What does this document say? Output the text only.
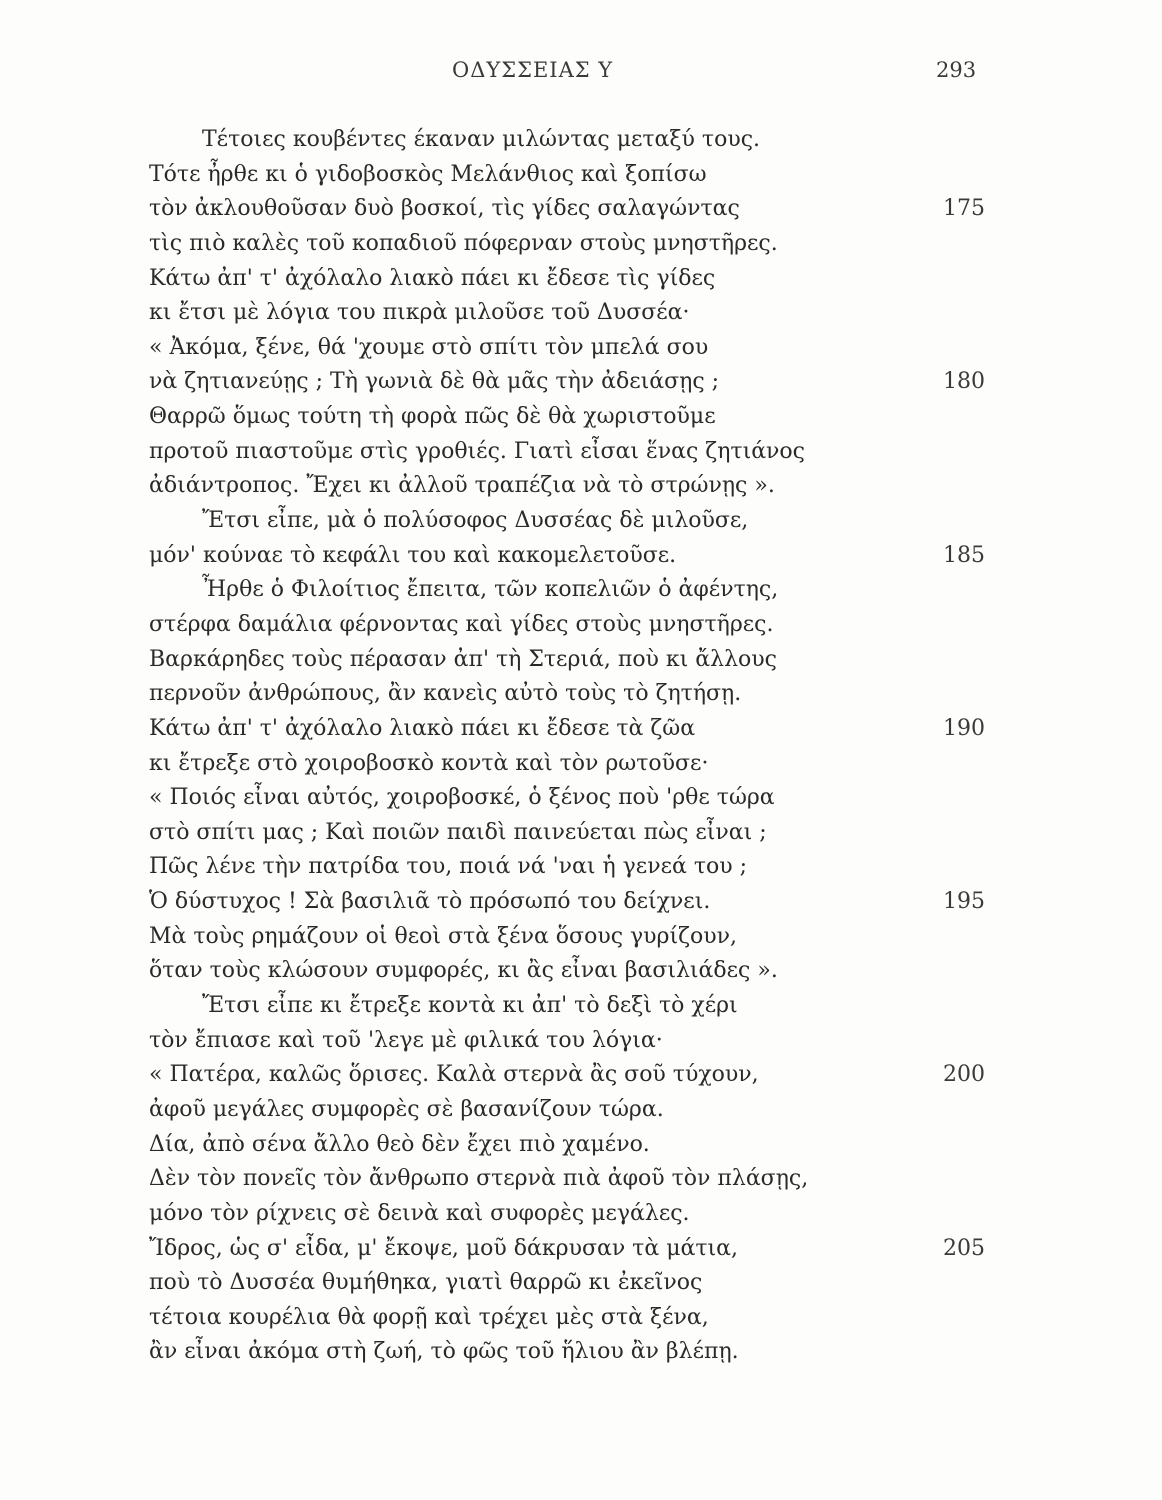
ΟΔΥΣΣΕΙΑΣ Υ	293
Τέτοιες κουβέντες έκαναν μιλώντας μεταξύ τους.
Τότε ἦρθε κι ὁ γιδοβοσκὸς Μελάνθιος καὶ ξοπίσω
τὸν ἀκλουθοῦσαν δυὸ βοσκοί, τὶς γίδες σαλαγώντας	175
τὶς πιὸ καλὲς τοῦ κοπαδιοῦ πόφερναν στοὺς μνηστῆρες.
Κάτω ἀπ' τ' ἀχόλαλο λιακὸ πάει κι ἔδεσε τὶς γίδες
κι ἔτσι μὲ λόγια του πικρὰ μιλοῦσε τοῦ Δυσσέα·
« Ἀκόμα, ξένε, θά 'χουμε στὸ σπίτι τὸν μπελά σου
νὰ ζητιανεύῃς ; Τὴ γωνιὰ δὲ θὰ μᾶς τὴν ἀδειάσῃς ;	180
Θαρρῶ ὅμως τούτη τὴ φορὰ πῶς δὲ θὰ χωριστοῦμε
προτοῦ πιαστοῦμε στὶς γροθιές. Γιατὶ εἶσαι ἕνας ζητιάνος
ἀδιάντροπος. Ἔχει κι ἀλλοῦ τραπέζια νὰ τὸ στρώνῃς ».
Ἔτσι εἶπε, μὰ ὁ πολύσοφος Δυσσέας δὲ μιλοῦσε,
μόν' κούναε τὸ κεφάλι του καὶ κακομελετοῦσε.	185
Ἦρθε ὁ Φιλοίτιος ἔπειτα, τῶν κοπελιῶν ὁ ἀφέντης,
στέρφα δαμάλια φέρνοντας καὶ γίδες στοὺς μνηστῆρες.
Βαρκάρηδες τοὺς πέρασαν ἀπ' τὴ Στεριά, ποὺ κι ἄλλους
περνοῦν ἀνθρώπους, ἂν κανεὶς αὐτὸ τοὺς τὸ ζητήσῃ.
Κάτω ἀπ' τ' ἀχόλαλο λιακὸ πάει κι ἔδεσε τὰ ζῶα	190
κι ἔτρεξε στὸ χοιροβοσκὸ κοντὰ καὶ τὸν ρωτοῦσε·
« Ποιός εἶναι αὐτός, χοιροβοσκέ, ὁ ξένος ποὺ 'ρθε τώρα
στὸ σπίτι μας ; Καὶ ποιῶν παιδὶ παινεύεται πὼς εἶναι ;
Πῶς λένε τὴν πατρίδα του, ποιά νά 'ναι ἡ γενεά του ;
Ὁ δύστυχος ! Σὰ βασιλιᾶ τὸ πρόσωπό του δείχνει.	195
Μὰ τοὺς ρημάζουν οἱ θεοὶ στὰ ξένα ὅσους γυρίζουν,
ὅταν τοὺς κλώσουν συμφορές, κι ἂς εἶναι βασιλιάδες ».
Ἔτσι εἶπε κι ἔτρεξε κοντὰ κι ἀπ' τὸ δεξὶ τὸ χέρι
τὸν ἔπιασε καὶ τοῦ 'λεγε μὲ φιλικά του λόγια·
« Πατέρα, καλῶς ὅρισες. Καλὰ στερνὰ ἂς σοῦ τύχουν,	200
ἀφοῦ μεγάλες συμφορὲς σὲ βασανίζουν τώρα.
Δία, ἀπὸ σένα ἄλλο θεὸ δὲν ἔχει πιὸ χαμένο.
Δὲν τὸν πονεῖς τὸν ἄνθρωπο στερνὰ πιὰ ἀφοῦ τὸν πλάσῃς,
μόνο τὸν ρίχνεις σὲ δεινὰ καὶ συφορὲς μεγάλες.
Ἴδρος, ὡς σ' εἶδα, μ' ἔκοψε, μοῦ δάκρυσαν τὰ μάτια,	205
ποὺ τὸ Δυσσέα θυμήθηκα, γιατὶ θαρρῶ κι ἐκεῖνος
τέτοια κουρέλια θὰ φορῇ καὶ τρέχει μὲς στὰ ξένα,
ἂν εἶναι ἀκόμα στὴ ζωή, τὸ φῶς τοῦ ἥλιου ἂν βλέπῃ.
